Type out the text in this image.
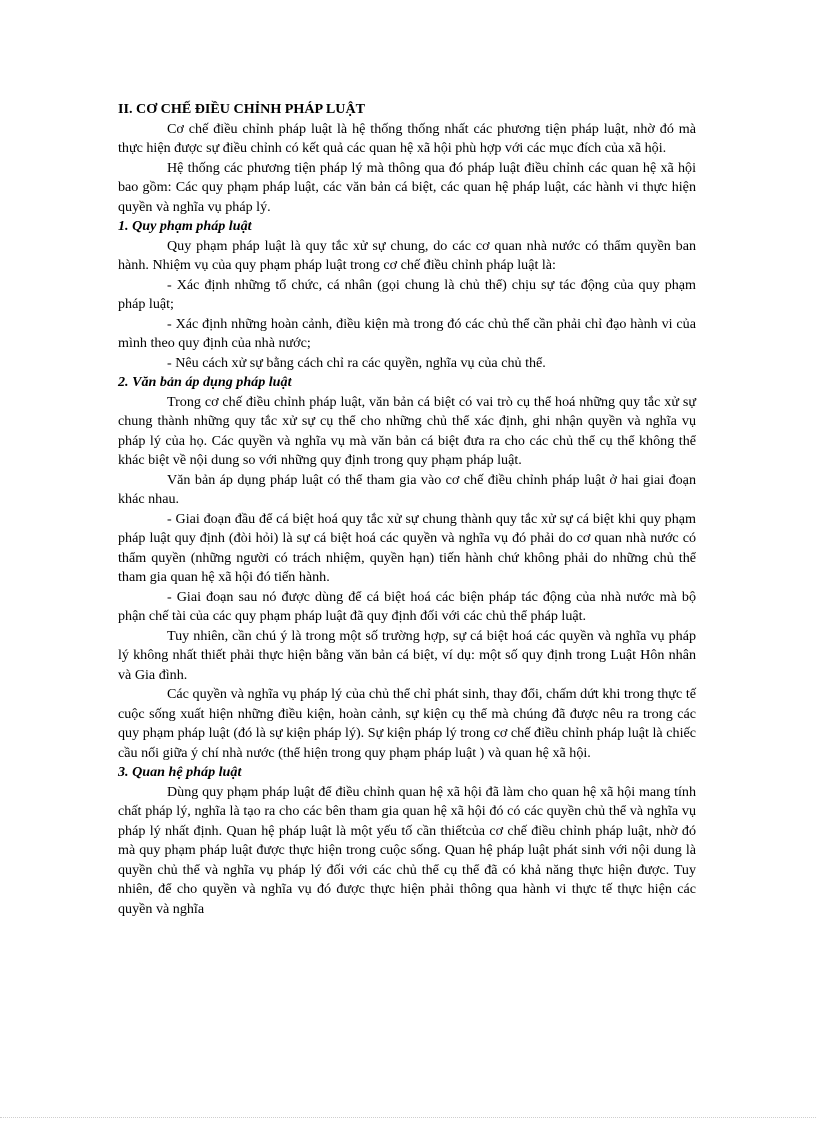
II. CƠ CHẾ ĐIỀU CHỈNH PHÁP LUẬT

Cơ chế điều chỉnh pháp luật là hệ thống thống nhất các phương tiện pháp luật, nhờ đó mà thực hiện được sự điều chỉnh có kết quả các quan hệ xã hội phù hợp với các mục đích của xã hội.

Hệ thống các phương tiện pháp lý mà thông qua đó pháp luật điều chỉnh các quan hệ xã hội bao gồm: Các quy phạm pháp luật, các văn bản cá biệt, các quan hệ pháp luật, các hành vi thực hiện quyền và nghĩa vụ pháp lý.

1. Quy phạm pháp luật

Quy phạm pháp luật là quy tắc xử sự chung, do các cơ quan nhà nước có thẩm quyền ban hành. Nhiệm vụ của quy phạm pháp luật trong cơ chế điều chỉnh pháp luật là:

- Xác định những tổ chức, cá nhân (gọi chung là chủ thể) chịu sự tác động của quy phạm pháp luật;

- Xác định những hoàn cảnh, điều kiện mà trong đó các chủ thể cần phải chỉ đạo hành vi của mình theo quy định của nhà nước;

- Nêu cách xử sự bằng cách chỉ ra các quyền, nghĩa vụ của chủ thể.

2. Văn bản áp dụng pháp luật

Trong cơ chế điều chỉnh pháp luật, văn bản cá biệt có vai trò cụ thể hoá những quy tắc xử sự chung thành những quy tắc xử sự cụ thể cho những chủ thể xác định, ghi nhận quyền và nghĩa vụ pháp lý của họ. Các quyền và nghĩa vụ mà văn bản cá biệt đưa ra cho các chủ thể cụ thể không thể khác biệt về nội dung so với những quy định trong quy phạm pháp luật.

Văn bản áp dụng pháp luật có thể tham gia vào cơ chế điều chỉnh pháp luật ở hai giai đoạn khác nhau.

- Giai đoạn đầu để cá biệt hoá quy tắc xử sự chung thành quy tắc xử sự cá biệt khi quy phạm pháp luật quy định (đòi hỏi) là sự cá biệt hoá các quyền và nghĩa vụ đó phải do cơ quan nhà nước có thẩm quyền (những người có trách nhiệm, quyền hạn) tiến hành chứ không phải do những chủ thể tham gia quan hệ xã hội đó tiến hành.

- Giai đoạn sau nó được dùng để cá biệt hoá các biện pháp tác động của nhà nước mà bộ phận chế tài của các quy phạm pháp luật đã quy định đối với các chủ thể pháp luật.

Tuy nhiên, cần chú ý là trong một số trường hợp, sự cá biệt hoá các quyền và nghĩa vụ pháp lý không nhất thiết phải thực hiện bằng văn bản cá biệt, ví dụ: một số quy định trong Luật Hôn nhân và Gia đình.

Các quyền và nghĩa vụ pháp lý của chủ thể chỉ phát sinh, thay đổi, chấm dứt khi trong thực tế cuộc sống xuất hiện những điều kiện, hoàn cảnh, sự kiện cụ thể mà chúng đã được nêu ra trong các quy phạm pháp luật (đó là sự kiện pháp lý). Sự kiện pháp lý trong cơ chế điều chỉnh pháp luật là chiếc cầu nối giữa ý chí nhà nước (thể hiện trong quy phạm pháp luật ) và quan hệ xã hội.

3. Quan hệ pháp luật

Dùng quy phạm pháp luật để điều chỉnh quan hệ xã hội đã làm cho quan hệ xã hội mang tính chất pháp lý, nghĩa là tạo ra cho các bên tham gia quan hệ xã hội đó có các quyền chủ thể và nghĩa vụ pháp lý nhất định. Quan hệ pháp luật là một yếu tố cần thiếtcủa cơ chế điều chỉnh pháp luật, nhờ đó mà quy phạm pháp luật được thực hiện trong cuộc sống. Quan hệ pháp luật phát sinh với nội dung là quyền chủ thể và nghĩa vụ pháp lý đối với các chủ thể cụ thể đã có khả năng thực hiện được. Tuy nhiên, để cho quyền và nghĩa vụ đó được thực hiện phải thông qua hành vi thực tế thực hiện các quyền và nghĩa
